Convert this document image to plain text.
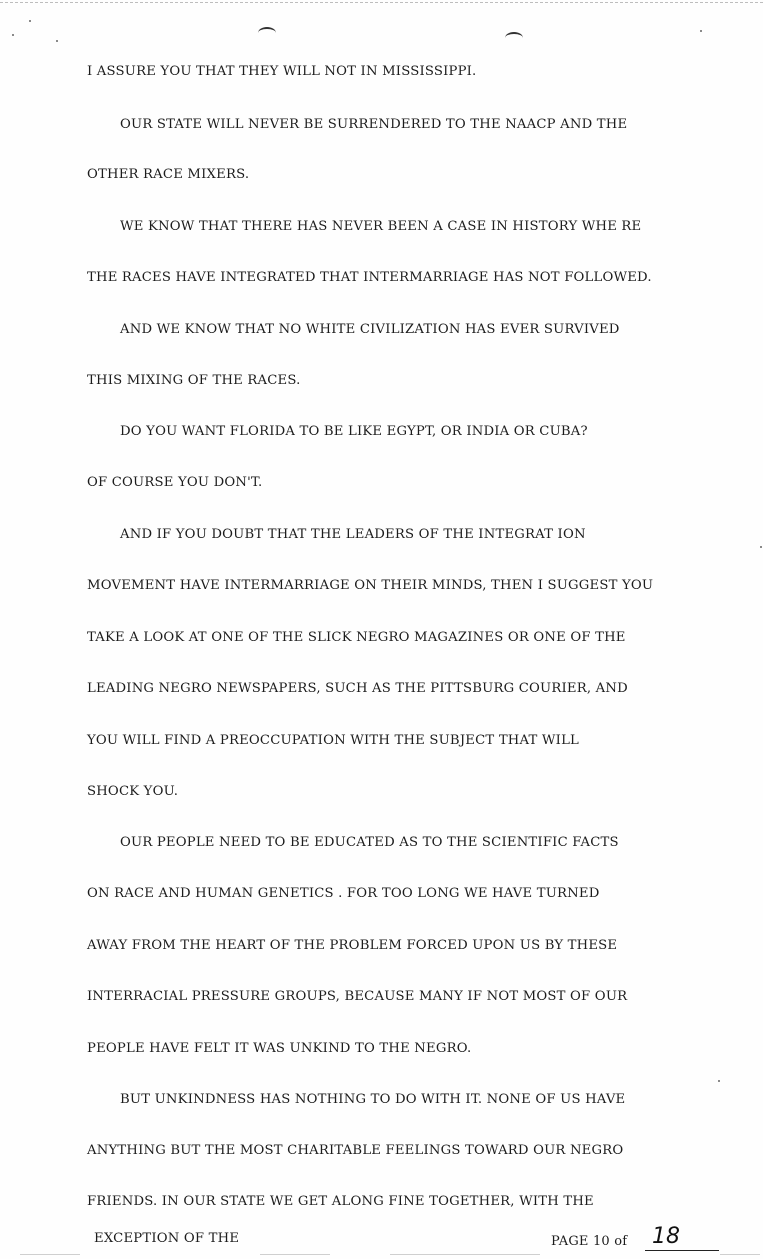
I ASSURE YOU THAT THEY WILL NOT IN MISSISSIPPI.
OUR STATE WILL NEVER BE SURRENDERED TO THE NAACP AND THE
OTHER RACE MIXERS.
WE KNOW THAT THERE HAS NEVER BEEN A CASE IN HISTORY WHE RE
THE RACES HAVE INTEGRATED THAT INTERMARRIAGE HAS NOT FOLLOWED.
AND WE KNOW THAT NO WHITE CIVILIZATION HAS EVER SURVIVED
THIS MIXING OF THE RACES.
DO YOU WANT FLORIDA TO BE LIKE EGYPT, OR INDIA OR CUBA?
OF COURSE YOU DON'T.
AND IF YOU DOUBT THAT THE LEADERS OF THE INTEGRAT ION
MOVEMENT HAVE INTERMARRIAGE ON THEIR MINDS, THEN I SUGGEST YOU
TAKE A LOOK AT ONE OF THE SLICK NEGRO MAGAZINES OR ONE OF THE
LEADING NEGRO NEWSPAPERS, SUCH AS THE PITTSBURG COURIER, AND
YOU WILL FIND A PREOCCUPATION WITH THE SUBJECT THAT WILL
SHOCK YOU.
OUR PEOPLE NEED TO BE EDUCATED AS TO THE SCIENTIFIC FACTS
ON RACE AND HUMAN GENETICS . FOR TOO LONG WE HAVE TURNED
AWAY FROM THE HEART OF THE PROBLEM FORCED UPON US BY THESE
INTERRACIAL PRESSURE GROUPS, BECAUSE MANY IF NOT MOST OF OUR
PEOPLE HAVE FELT IT WAS UNKIND TO THE NEGRO.
BUT UNKINDNESS HAS NOTHING TO DO WITH IT. NONE OF US HAVE
ANYTHING BUT THE MOST CHARITABLE FEELINGS TOWARD OUR NEGRO
FRIENDS. IN OUR STATE WE GET ALONG FINE TOGETHER, WITH THE
EXCEPTION OF THE	PAGE 10 of 18
